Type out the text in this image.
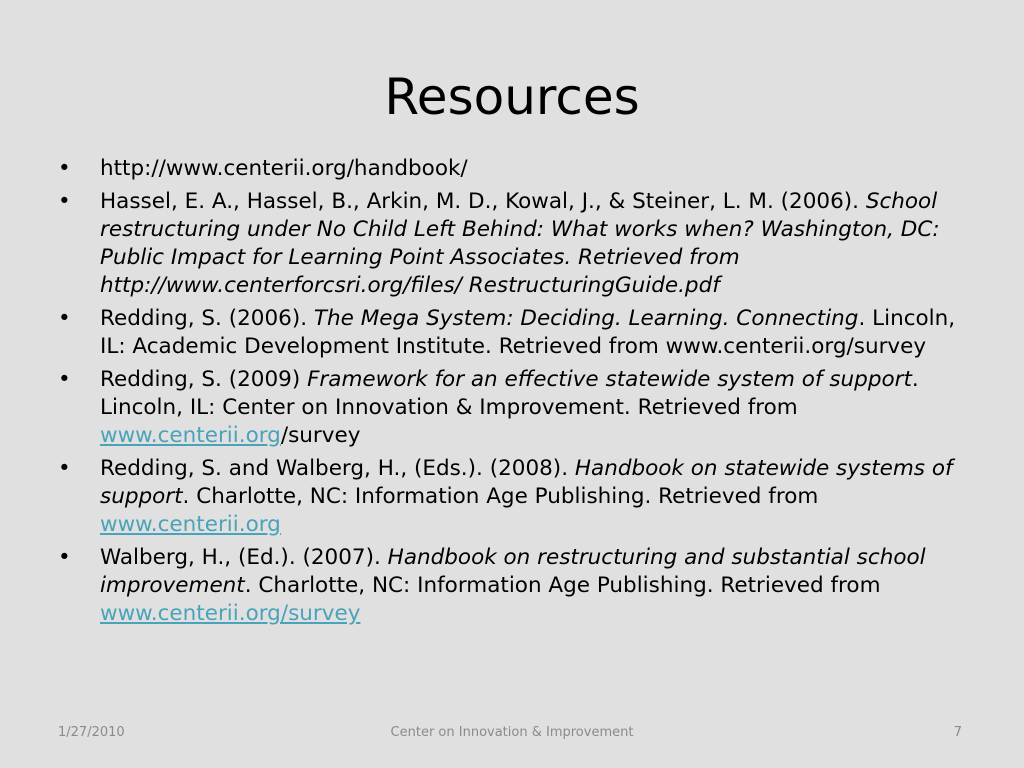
Resources
• http://www.centerii.org/handbook/
• Hassel, E. A., Hassel, B., Arkin, M. D., Kowal, J., & Steiner, L. M. (2006). School restructuring under No Child Left Behind: What works when? Washington, DC: Public Impact for Learning Point Associates. Retrieved from http://www.centerforcsri.org/files/ RestructuringGuide.pdf
• Redding, S. (2006). The Mega System: Deciding. Learning. Connecting. Lincoln, IL: Academic Development Institute. Retrieved from www.centerii.org/survey
• Redding, S. (2009) Framework for an effective statewide system of support. Lincoln, IL: Center on Innovation & Improvement. Retrieved from www.centerii.org/survey
• Redding, S. and Walberg, H., (Eds.). (2008). Handbook on statewide systems of support. Charlotte, NC: Information Age Publishing. Retrieved from www.centerii.org
• Walberg, H., (Ed.). (2007). Handbook on restructuring and substantial school improvement. Charlotte, NC: Information Age Publishing. Retrieved from www.centerii.org/survey
1/27/2010	Center on Innovation & Improvement	7
